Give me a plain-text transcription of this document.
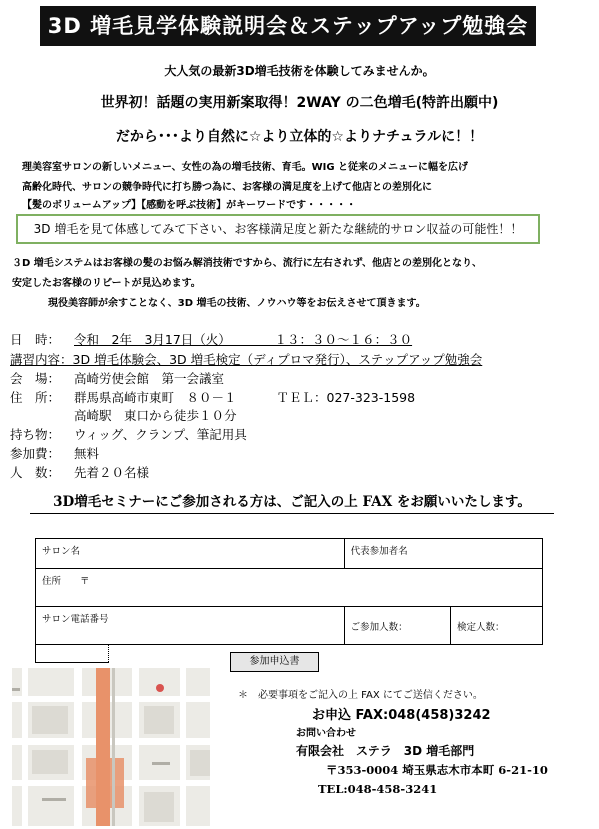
3D 増毛見学体験説明会＆ステップアップ勉強会
大人気の最新3D増毛技術を体験してみませんか。
世界初！話題の実用新案取得！2WAY の二色増毛(特許出願中)
だから･･･より自然に☆より立体的☆よりナチュラルに！！
理美容室サロンの新しいメニュー、女性の為の増毛技術、育毛。WIG と従来のメニューに幅を広げ
高齢化時代、サロンの競争時代に打ち勝つ為に、お客様の満足度を上げて他店との差別化に
【髪のボリュームアップ】【感動を呼ぶ技術】がキーワードです・・・・・
3D 増毛を見て体感してみて下さい、お客様満足度と新たな継続的サロン収益の可能性！！
３D 増毛システムはお客様の髪のお悩み解消技術ですから、流行に左右されず、他店との差別化となり、
安定したお客様のリピートが見込めます。
現役美容師が余すことなく、3D 増毛の技術、ノウハウ等をお伝えさせて頂きます。
日　時： 令和　2年　3月17日（火）　　　　１３：３０～１６：３０
講習内容：3D 増毛体験会、3D 増毛検定（ディプロマ発行）、ステップアップ勉強会
会　場： 高崎労使会館　第一会議室
住　所： 群馬県高崎市東町　８０－１	ＴＥＬ：027-323-1598
高崎駅　東口から徒歩１０分
持ち物： ウィッグ、クランプ、筆記用具
参加費： 無料
人　数： 先着２０名様
3D増毛セミナーにご参加される方は、ご記入の上 FAX をお願いいたします。
サロン名		代表参加者名	
住所　　〒			
サロン電話番号		ご参加人数：	検定人数：

参加申込書
＊　必要事項をご記入の上 FAX にてご送信ください。
お申込 FAX:048(458)3242
お問い合わせ
有限会社　ステラ　3D 増毛部門
〒353-0004 埼玉県志木市本町 6-21-10
TEL:048-458-3241
